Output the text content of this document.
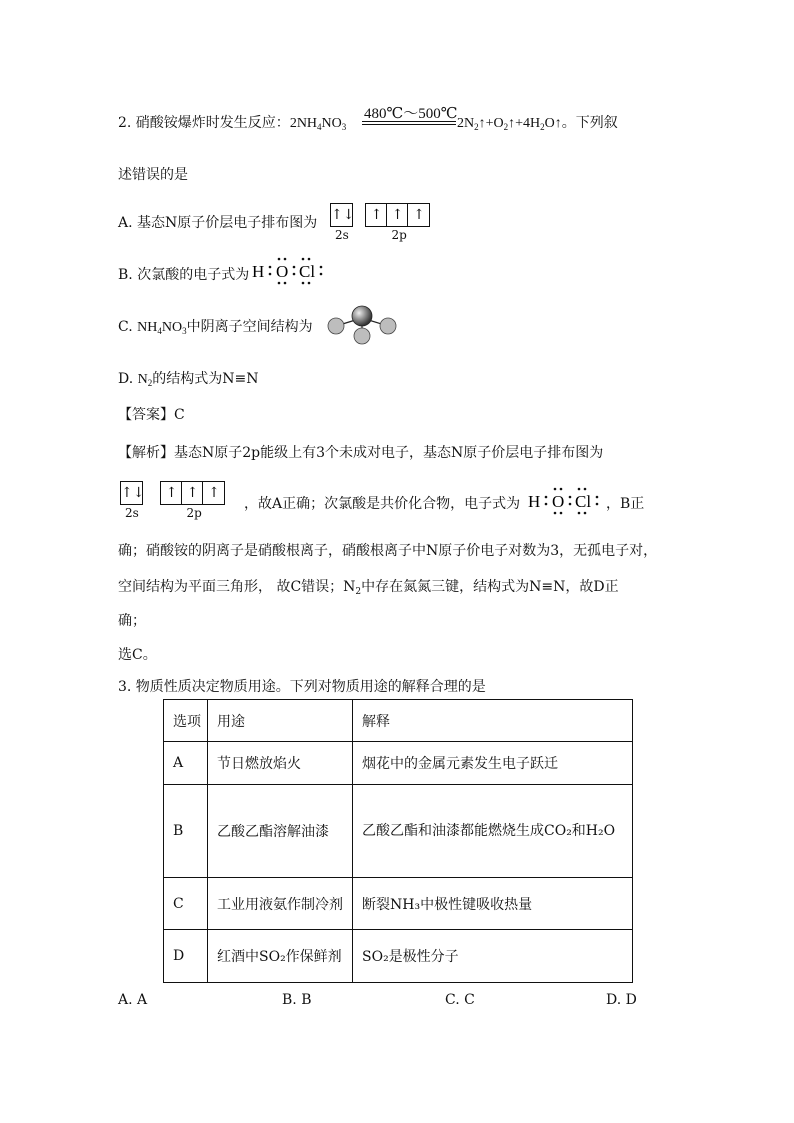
2. 硝酸铵爆炸时发生反应：$2NH_4NO_3$
480℃～500℃
$2N_2↑+O_2↑+4H_2O↑$。下列叙
述错误的是
A. 基态N原子价层电子排布图为 ↑↓
2s
↑ ↑ ↑
2p
B. 次氯酸的电子式为 H O Cl
C. $NH_4NO_3$中阴离子空间结构为
D. $N_2$的结构式为N≡N
【答案】C
【解析】基态N原子2p能级上有3个未成对电子，基态N原子价层电子排布图为
↑↓
2s
↑ ↑ ↑
2p
，故A正确；次氯酸是共价化合物，电子式为 H O Cl ，B正
确；硝酸铵的阴离子是硝酸根离子，硝酸根离子中N原子价电子对数为3，无孤电子对，
空间结构为平面三角形， 故C错误；$N_2$中存在氮氮三键，结构式为N≡N，故D正
确；
选C。
3. 物质性质决定物质用途。下列对物质用途的解释合理的是
选项	用途	解释
A	节日燃放焰火	烟花中的金属元素发生电子跃迁
B	乙酸乙酯溶解油漆	乙酸乙酯和油漆都能燃烧生成CO₂和H₂O
C	工业用液氨作制冷剂	断裂NH₃中极性键吸收热量
D	红酒中SO₂作保鲜剂	SO₂是极性分子
A. A	B. B	C. C	D. D
